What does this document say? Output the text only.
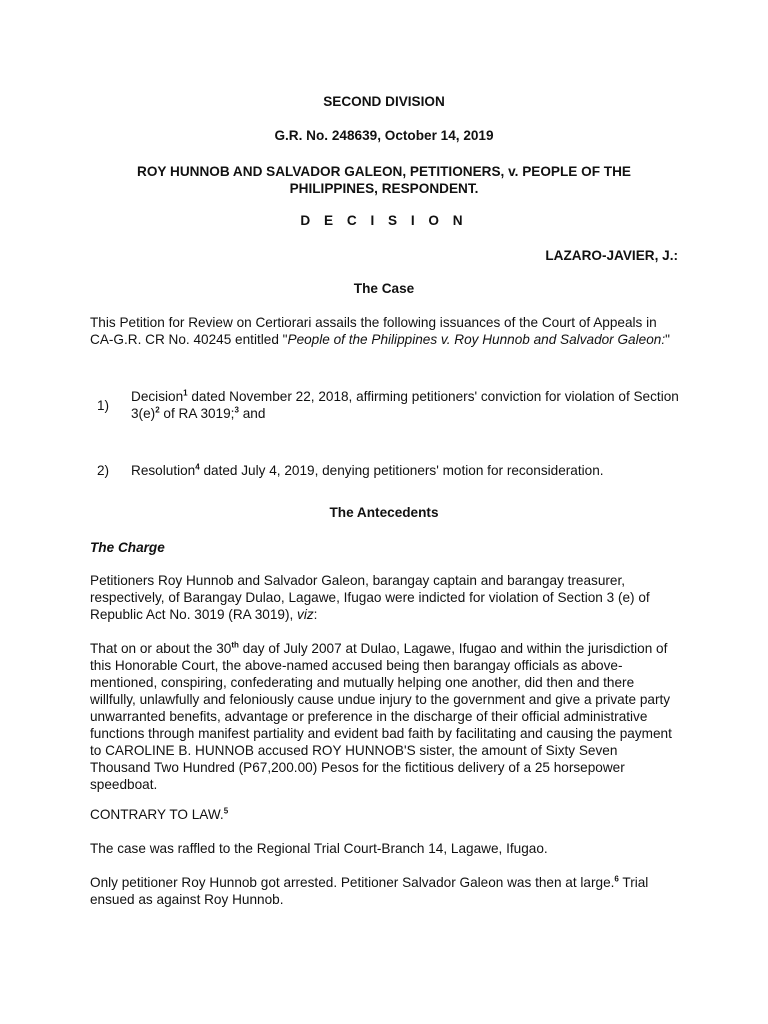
SECOND DIVISION
G.R. No. 248639, October 14, 2019
ROY HUNNOB AND SALVADOR GALEON, PETITIONERS, v. PEOPLE OF THE
PHILIPPINES, RESPONDENT.
D E C I S I O N
LAZARO-JAVIER, J.:
The Case
This Petition for Review on Certiorari assails the following issuances of the Court of Appeals in CA-G.R. CR No. 40245 entitled "People of the Philippines v. Roy Hunnob and Salvador Galeon:"
1)
Decision$^1$ dated November 22, 2018, affirming petitioners' conviction for violation of Section $3(e)^2$ of RA 3019;$^3$ and
2) Resolution$^4$ dated July 4, 2019, denying petitioners' motion for reconsideration.
The Antecedents
The Charge
Petitioners Roy Hunnob and Salvador Galeon, barangay captain and barangay treasurer, respectively, of Barangay Dulao, Lagawe, Ifugao were indicted for violation of Section 3 (e) of Republic Act No. 3019 (RA 3019), viz:
That on or about the 30th day of July 2007 at Dulao, Lagawe, Ifugao and within the jurisdiction of this Honorable Court, the above-named accused being then barangay officials as above-mentioned, conspiring, confederating and mutually helping one another, did then and there willfully, unlawfully and feloniously cause undue injury to the government and give a private party unwarranted benefits, advantage or preference in the discharge of their official administrative functions through manifest partiality and evident bad faith by facilitating and causing the payment to CAROLINE B. HUNNOB accused ROY HUNNOB'S sister, the amount of Sixty Seven Thousand Two Hundred (P67,200.00) Pesos for the fictitious delivery of a 25 horsepower speedboat.
CONTRARY TO LAW.$^5$
The case was raffled to the Regional Trial Court-Branch 14, Lagawe, Ifugao.
Only petitioner Roy Hunnob got arrested. Petitioner Salvador Galeon was then at large.$^6$ Trial ensued as against Roy Hunnob.
